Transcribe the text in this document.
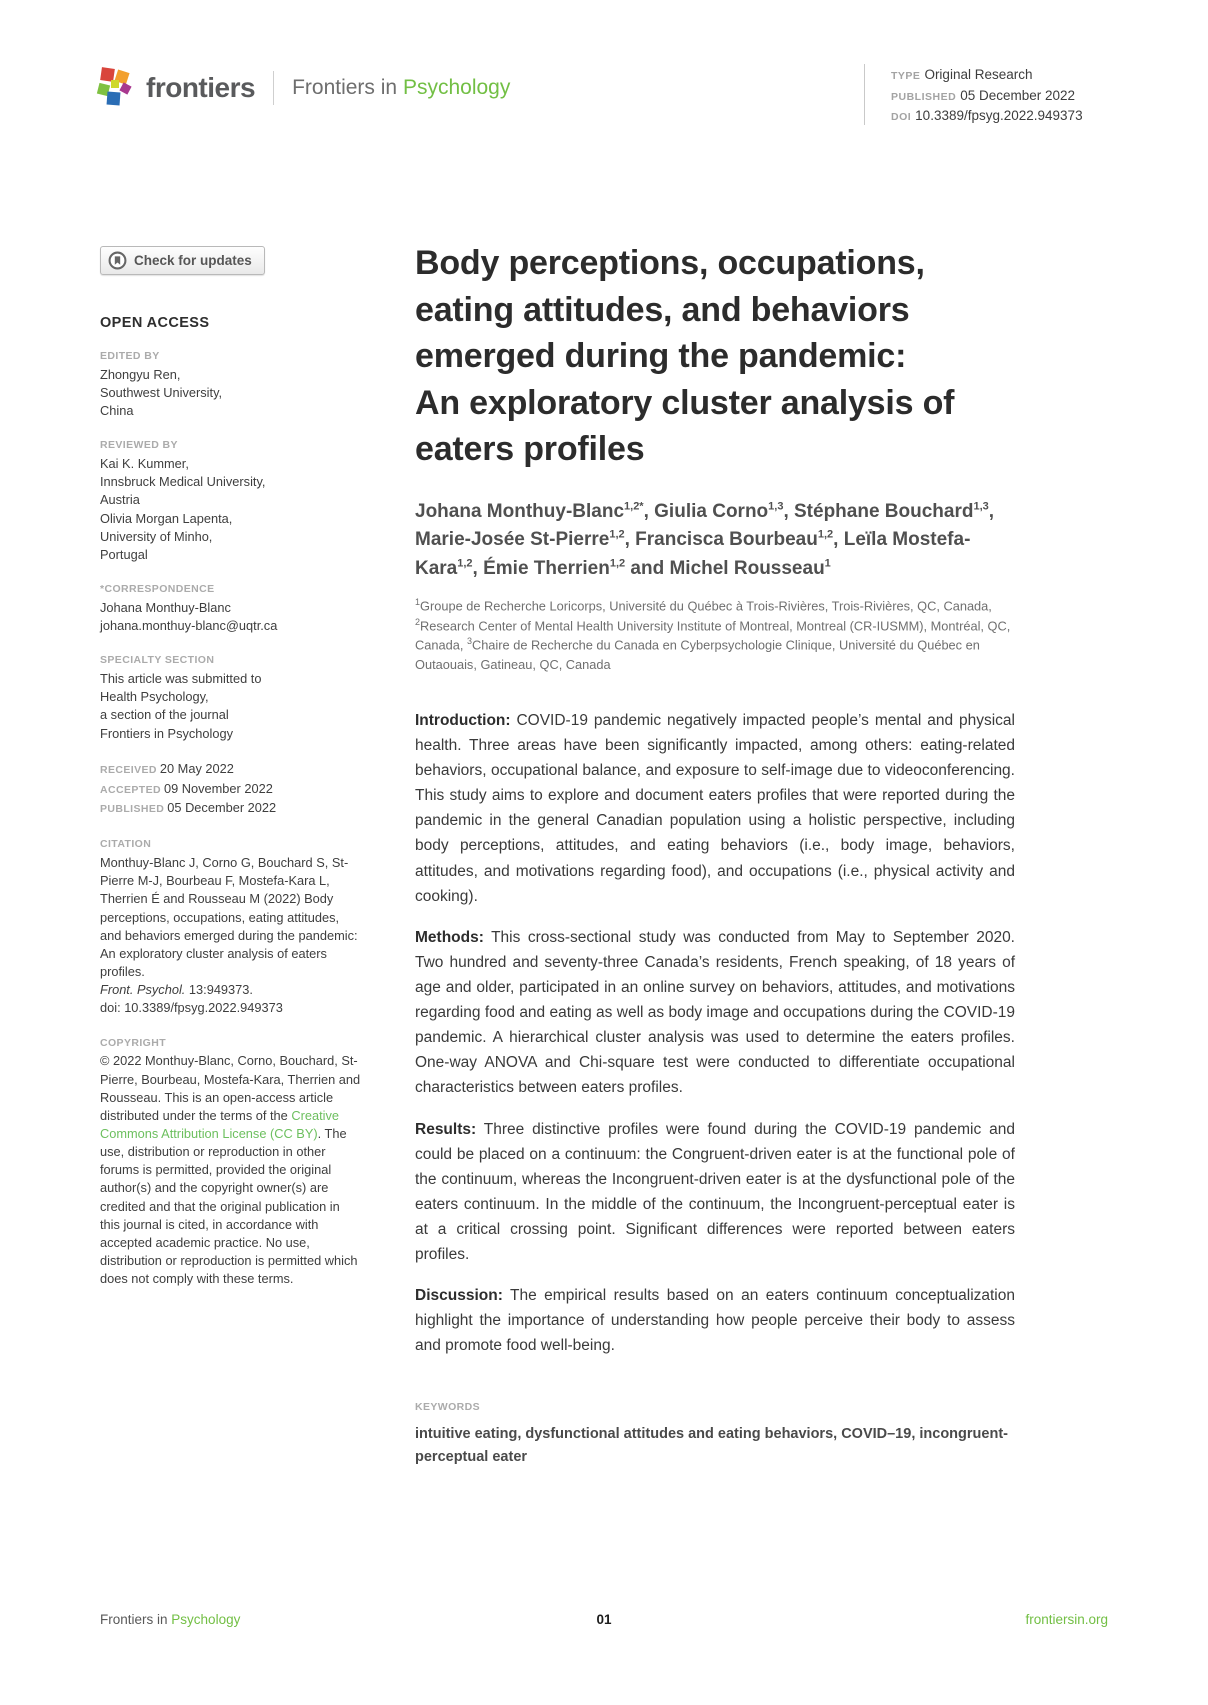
frontiers Frontiers in Psychology	TYPE Original Research
PUBLISHED 05 December 2022
DOI 10.3389/fpsyg.2022.949373
Check for updates
OPEN ACCESS
EDITED BY
Zhongyu Ren,
Southwest University,
China
REVIEWED BY
Kai K. Kummer,
Innsbruck Medical University,
Austria
Olivia Morgan Lapenta,
University of Minho,
Portugal
*CORRESPONDENCE
Johana Monthuy-Blanc
johana.monthuy-blanc@uqtr.ca
SPECIALTY SECTION
This article was submitted to
Health Psychology,
a section of the journal
Frontiers in Psychology
RECEIVED 20 May 2022
ACCEPTED 09 November 2022
PUBLISHED 05 December 2022
CITATION

Monthuy-Blanc J, Corno G, Bouchard S, St-Pierre M-J, Bourbeau F, Mostefa-Kara L, Therrien É and Rousseau M (2022) Body perceptions, occupations, eating attitudes, and behaviors emerged during the pandemic: An exploratory cluster analysis of eaters profiles.
Front. Psychol. 13:949373.
doi: 10.3389/fpsyg.2022.949373

COPYRIGHT

© 2022 Monthuy-Blanc, Corno, Bouchard, St-Pierre, Bourbeau, Mostefa-Kara, Therrien and Rousseau. This is an open-access article distributed under the terms of the Creative Commons Attribution License (CC BY). The use, distribution or reproduction in other forums is permitted, provided the original author(s) and the copyright owner(s) are credited and that the original publication in this journal is cited, in accordance with accepted academic practice. No use, distribution or reproduction is permitted which does not comply with these terms.

Body perceptions, occupations,
eating attitudes, and behaviors
emerged during the pandemic:
An exploratory cluster analysis of
eaters profiles

Johana Monthuy-Blanc$^{1,2*}$, Giulia Corno$^{1,3}$, Stéphane Bouchard$^{1,3}$, Marie-Josée St-Pierre$^{1,2}$, Francisca Bourbeau$^{1,2}$, Leïla Mostefa-Kara$^{1,2}$, Émie Therrien$^{1,2}$ and Michel Rousseau$^1$

$^1$Groupe de Recherche Loricorps, Université du Québec à Trois-Rivières, Trois-Rivières, QC, Canada, $^2$Research Center of Mental Health University Institute of Montreal, Montreal (CR-IUSMM), Montréal, QC, Canada, $^3$Chaire de Recherche du Canada en Cyberpsychologie Clinique, Université du Québec en Outaouais, Gatineau, QC, Canada

Introduction: COVID-19 pandemic negatively impacted people’s mental and physical health. Three areas have been significantly impacted, among others: eating-related behaviors, occupational balance, and exposure to self-image due to videoconferencing. This study aims to explore and document eaters profiles that were reported during the pandemic in the general Canadian population using a holistic perspective, including body perceptions, attitudes, and eating behaviors (i.e., body image, behaviors, attitudes, and motivations regarding food), and occupations (i.e., physical activity and cooking).

Methods: This cross-sectional study was conducted from May to September 2020. Two hundred and seventy-three Canada’s residents, French speaking, of 18 years of age and older, participated in an online survey on behaviors, attitudes, and motivations regarding food and eating as well as body image and occupations during the COVID-19 pandemic. A hierarchical cluster analysis was used to determine the eaters profiles. One-way ANOVA and Chi-square test were conducted to differentiate occupational characteristics between eaters profiles.

Results: Three distinctive profiles were found during the COVID-19 pandemic and could be placed on a continuum: the Congruent-driven eater is at the functional pole of the continuum, whereas the Incongruent-driven eater is at the dysfunctional pole of the eaters continuum. In the middle of the continuum, the Incongruent-perceptual eater is at a critical crossing point. Significant differences were reported between eaters profiles.

Discussion: The empirical results based on an eaters continuum conceptualization highlight the importance of understanding how people perceive their body to assess and promote food well-being.

KEYWORDS
intuitive eating, dysfunctional attitudes and eating behaviors, COVID–19, incongruent-perceptual eater
Frontiers in Psychology	01	frontiersin.org
